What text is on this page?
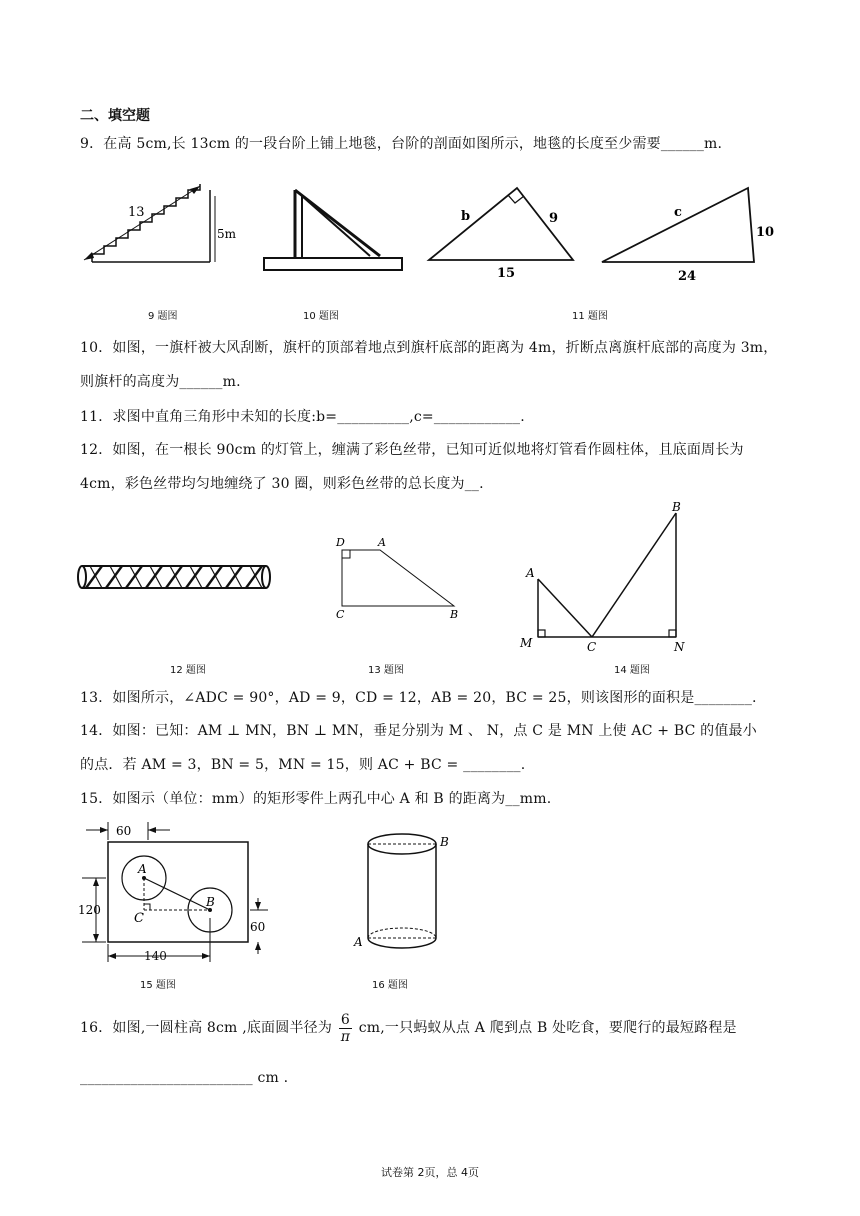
二、填空题
9．在高 5cm,长 13cm 的一段台阶上铺上地毯，台阶的剖面如图所示，地毯的长度至少需要______m.
13
5m
b	9
15
c
10
24
9 题图	10 题图	11 题图
10．如图，一旗杆被大风刮断，旗杆的顶部着地点到旗杆底部的距离为 4m，折断点离旗杆底部的高度为 3m，
则旗杆的高度为______m.
11．求图中直角三角形中未知的长度:b=__________,c=____________.
12．如图，在一根长 90cm 的灯管上，缠满了彩色丝带，已知可近似地将灯管看作圆柱体，且底面周长为
4cm，彩色丝带均匀地缠绕了 30 圈，则彩色丝带的总长度为__.
D	A
C	B
A
B
M	C	N
12 题图	13 题图	14 题图
13．如图所示，∠ADC = 90°，AD = 9，CD = 12，AB = 20，BC = 25，则该图形的面积是________.
14．如图：已知：AM ⊥ MN，BN ⊥ MN，垂足分别为 M 、 N，点 C 是 MN 上使 AC + BC 的值最小
的点．若 AM = 3，BN = 5，MN = 15，则 AC + BC = ________.
15．如图示（单位：mm）的矩形零件上两孔中心 A 和 B 的距离为__mm.
60
120
60
140
A
B
C
B
A
15 题图	16 题图
16．如图,一圆柱高 8cm ,底面圆半径为 $\frac{6}{\pi}$ cm,一只蚂蚁从点 A 爬到点 B 处吃食，要爬行的最短路程是
________________________ cm .
试卷第 2页，总 4页
